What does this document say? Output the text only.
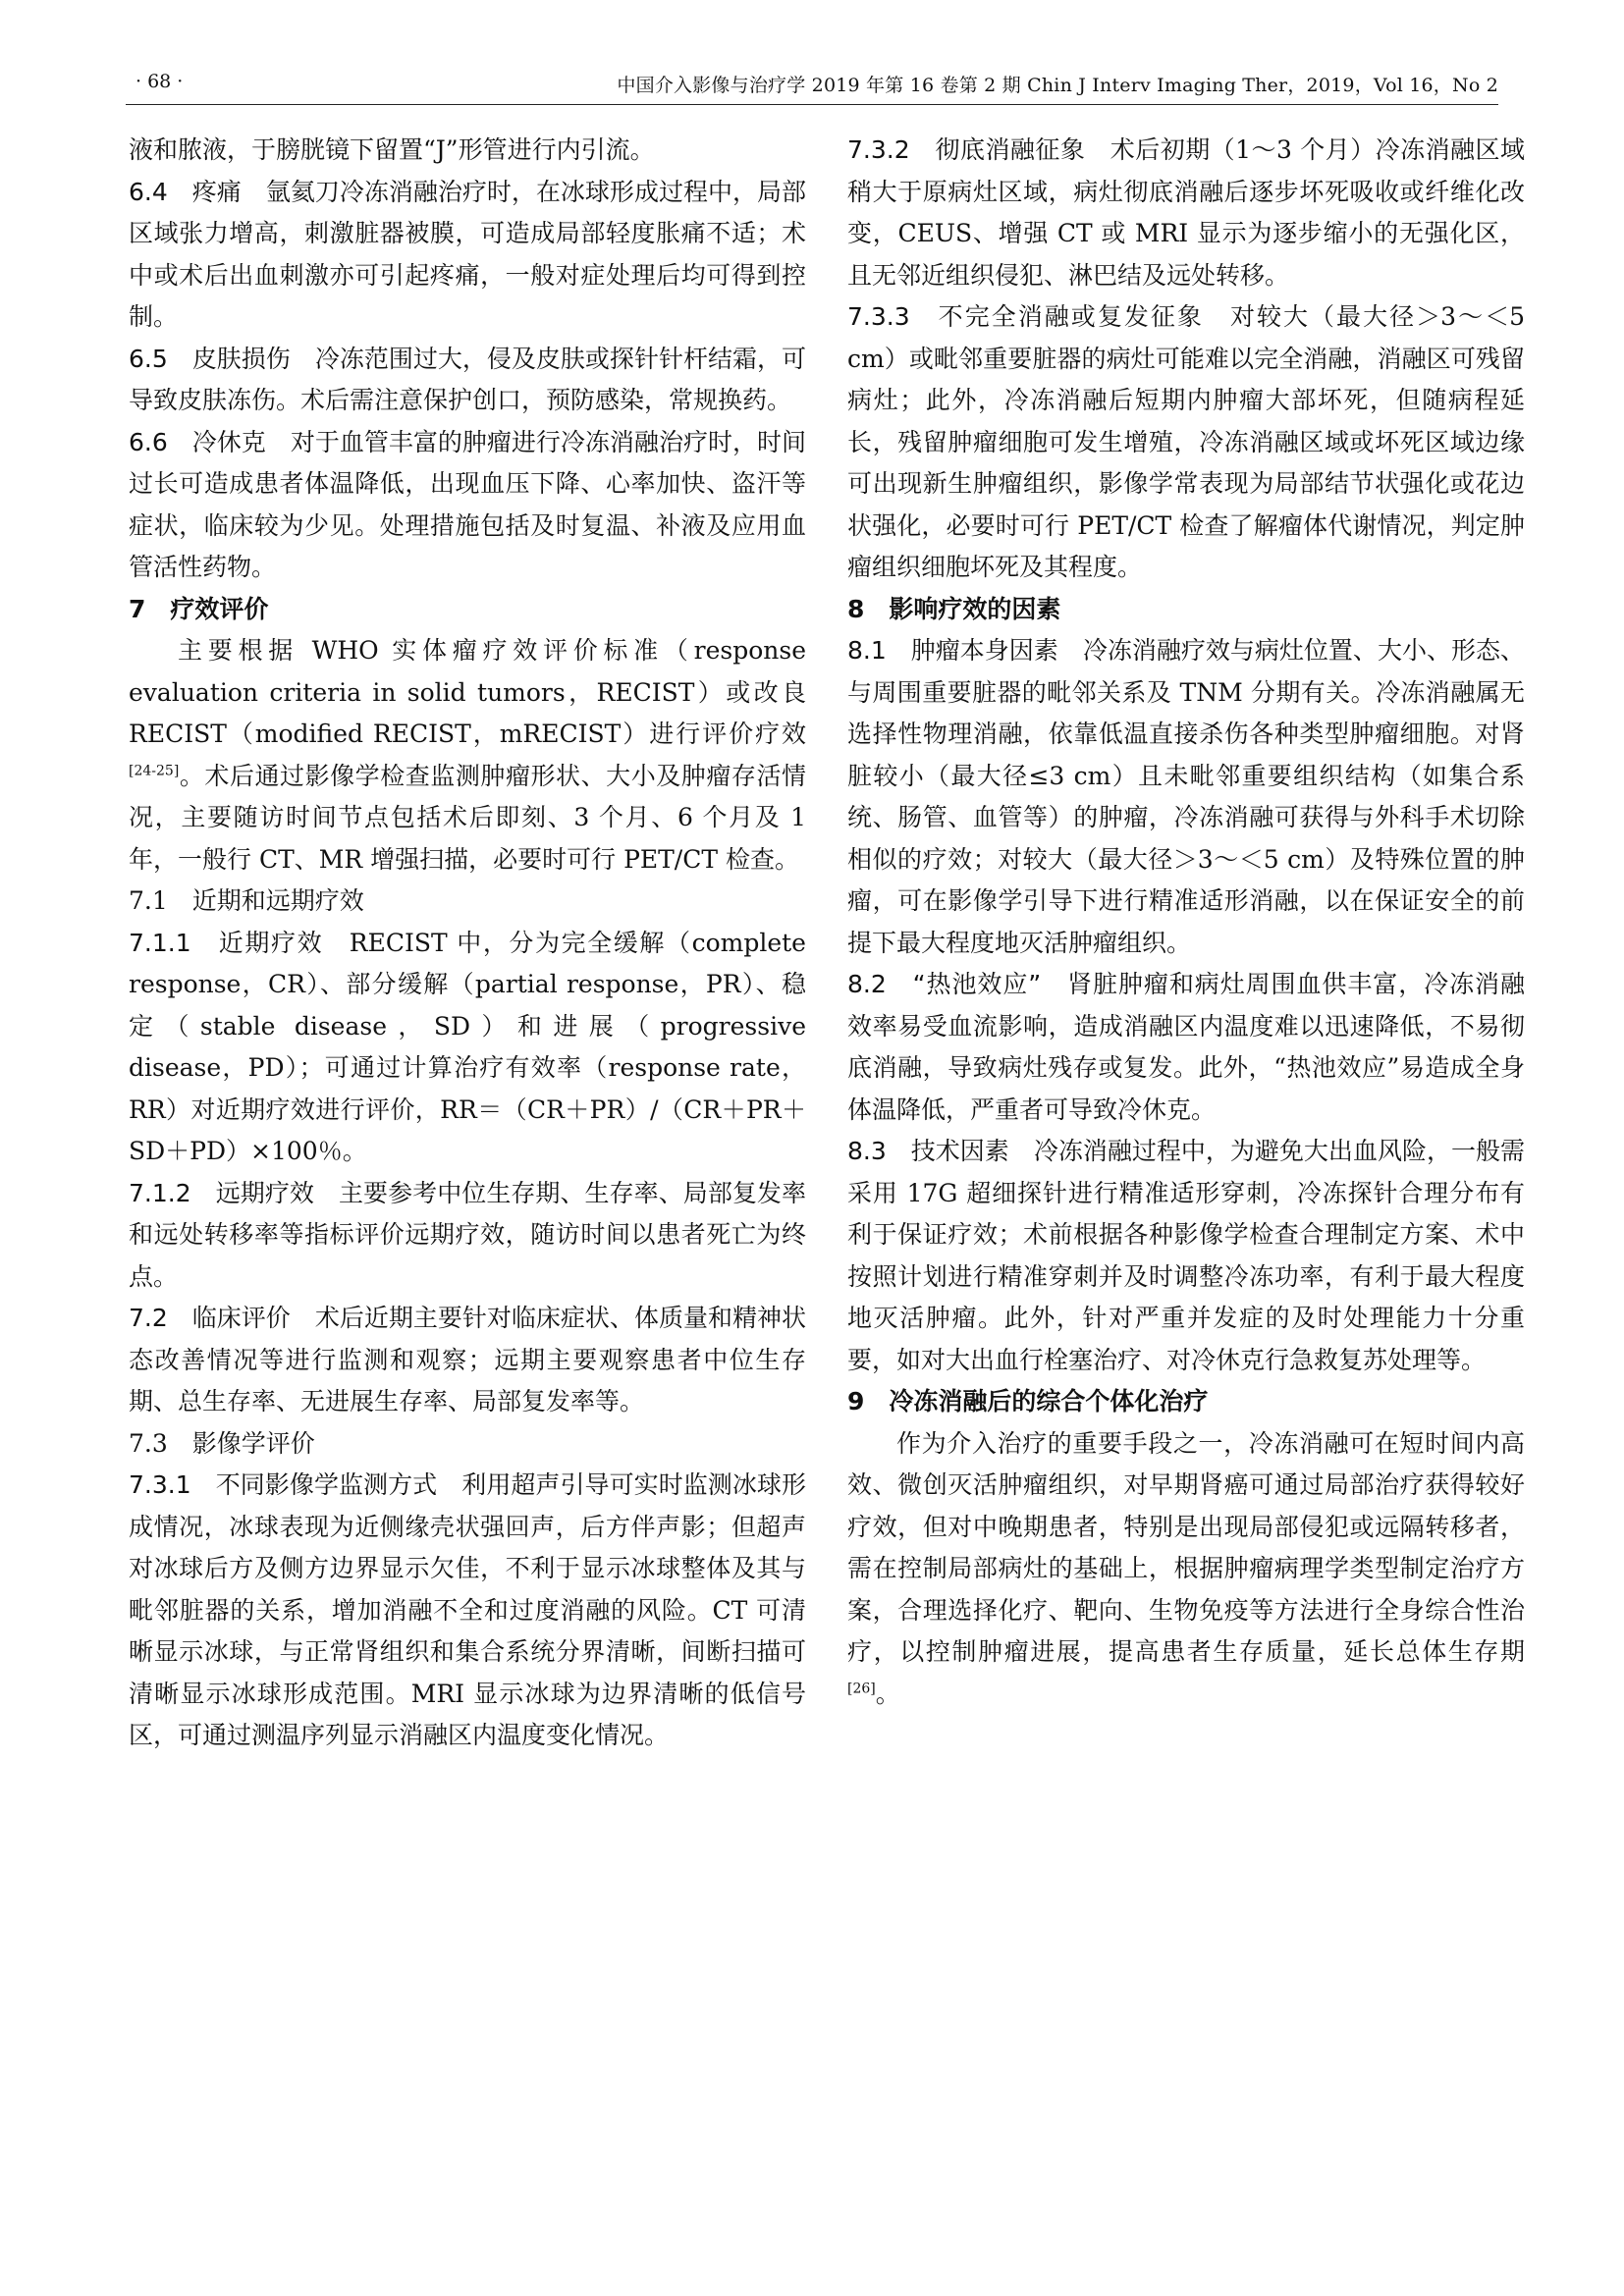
· 68 ·	中国介入影像与治疗学 2019 年第 16 卷第 2 期 Chin J Interv Imaging Ther，2019，Vol 16，No 2

液和脓液，于膀胱镜下留置“J”形管进行内引流。

6.4　疼痛　氩氦刀冷冻消融治疗时，在冰球形成过程中，局部区域张力增高，刺激脏器被膜，可造成局部轻度胀痛不适；术中或术后出血刺激亦可引起疼痛，一般对症处理后均可得到控制。

6.5　皮肤损伤　冷冻范围过大，侵及皮肤或探针针杆结霜，可导致皮肤冻伤。术后需注意保护创口，预防感染，常规换药。

6.6　冷休克　对于血管丰富的肿瘤进行冷冻消融治疗时，时间过长可造成患者体温降低，出现血压下降、心率加快、盗汗等症状，临床较为少见。处理措施包括及时复温、补液及应用血管活性药物。

7　疗效评价

主要根据 WHO 实体瘤疗效评价标准（response evaluation criteria in solid tumors，RECIST）或改良 RECIST（modified RECIST，mRECIST）进行评价疗效[24-25]。术后通过影像学检查监测肿瘤形状、大小及肿瘤存活情况，主要随访时间节点包括术后即刻、3 个月、6 个月及 1 年，一般行 CT、MR 增强扫描，必要时可行 PET/CT 检查。

7.1　近期和远期疗效

7.1.1　近期疗效　RECIST 中，分为完全缓解（complete response，CR）、部分缓解（partial response，PR）、稳定（stable disease，SD）和进展（progressive disease，PD）；可通过计算治疗有效率（response rate，RR）对近期疗效进行评价，RR＝（CR＋PR）/（CR＋PR＋SD＋PD）×100％。

7.1.2　远期疗效　主要参考中位生存期、生存率、局部复发率和远处转移率等指标评价远期疗效，随访时间以患者死亡为终点。

7.2　临床评价　术后近期主要针对临床症状、体质量和精神状态改善情况等进行监测和观察；远期主要观察患者中位生存期、总生存率、无进展生存率、局部复发率等。

7.3　影像学评价

7.3.1　不同影像学监测方式　利用超声引导可实时监测冰球形成情况，冰球表现为近侧缘壳状强回声，后方伴声影；但超声对冰球后方及侧方边界显示欠佳，不利于显示冰球整体及其与毗邻脏器的关系，增加消融不全和过度消融的风险。CT 可清晰显示冰球，与正常肾组织和集合系统分界清晰，间断扫描可清晰显示冰球形成范围。MRI 显示冰球为边界清晰的低信号区，可通过测温序列显示消融区内温度变化情况。

7.3.2　彻底消融征象　术后初期（1～3 个月）冷冻消融区域稍大于原病灶区域，病灶彻底消融后逐步坏死吸收或纤维化改变，CEUS、增强 CT 或 MRI 显示为逐步缩小的无强化区，且无邻近组织侵犯、淋巴结及远处转移。

7.3.3　不完全消融或复发征象　对较大（最大径＞3～＜5 cm）或毗邻重要脏器的病灶可能难以完全消融，消融区可残留病灶；此外，冷冻消融后短期内肿瘤大部坏死，但随病程延长，残留肿瘤细胞可发生增殖，冷冻消融区域或坏死区域边缘可出现新生肿瘤组织，影像学常表现为局部结节状强化或花边状强化，必要时可行 PET/CT 检查了解瘤体代谢情况，判定肿瘤组织细胞坏死及其程度。

8　影响疗效的因素

8.1　肿瘤本身因素　冷冻消融疗效与病灶位置、大小、形态、与周围重要脏器的毗邻关系及 TNM 分期有关。冷冻消融属无选择性物理消融，依靠低温直接杀伤各种类型肿瘤细胞。对肾脏较小（最大径≤3 cm）且未毗邻重要组织结构（如集合系统、肠管、血管等）的肿瘤，冷冻消融可获得与外科手术切除相似的疗效；对较大（最大径＞3～＜5 cm）及特殊位置的肿瘤，可在影像学引导下进行精准适形消融，以在保证安全的前提下最大程度地灭活肿瘤组织。

8.2　“热池效应”　肾脏肿瘤和病灶周围血供丰富，冷冻消融效率易受血流影响，造成消融区内温度难以迅速降低，不易彻底消融，导致病灶残存或复发。此外，“热池效应”易造成全身体温降低，严重者可导致冷休克。

8.3　技术因素　冷冻消融过程中，为避免大出血风险，一般需采用 17G 超细探针进行精准适形穿刺，冷冻探针合理分布有利于保证疗效；术前根据各种影像学检查合理制定方案、术中按照计划进行精准穿刺并及时调整冷冻功率，有利于最大程度地灭活肿瘤。此外，针对严重并发症的及时处理能力十分重要，如对大出血行栓塞治疗、对冷休克行急救复苏处理等。

9　冷冻消融后的综合个体化治疗

作为介入治疗的重要手段之一，冷冻消融可在短时间内高效、微创灭活肿瘤组织，对早期肾癌可通过局部治疗获得较好疗效，但对中晚期患者，特别是出现局部侵犯或远隔转移者，需在控制局部病灶的基础上，根据肿瘤病理学类型制定治疗方案，合理选择化疗、靶向、生物免疫等方法进行全身综合性治疗，以控制肿瘤进展，提高患者生存质量，延长总体生存期[26]。
